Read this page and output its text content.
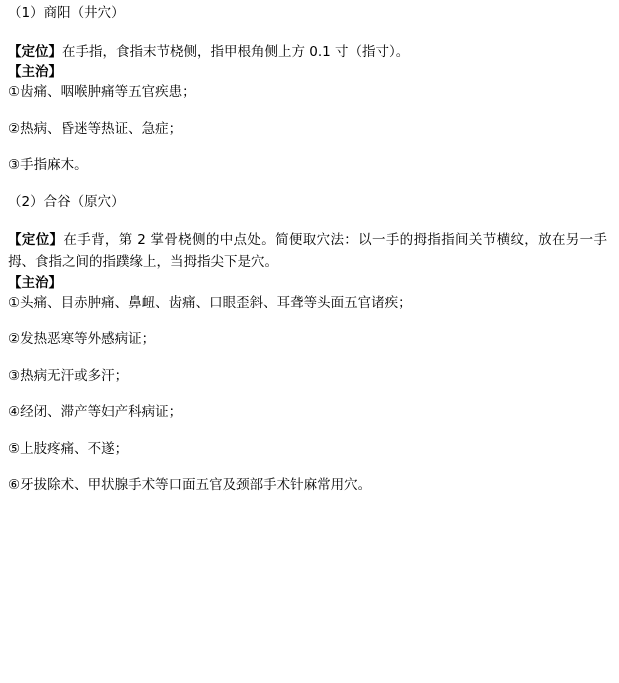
（1）商阳（井穴）
【定位】在手指，食指末节桡侧，指甲根角侧上方 0.1 寸（指寸）。
【主治】
①齿痛、咽喉肿痛等五官疾患；
②热病、昏迷等热证、急症；
③手指麻木。
（2）合谷（原穴）
【定位】在手背，第 2 掌骨桡侧的中点处。简便取穴法：以一手的拇指指间关节横纹，放在另一手拇、食指之间的指蹼缘上，当拇指尖下是穴。
【主治】
①头痛、目赤肿痛、鼻衄、齿痛、口眼歪斜、耳聋等头面五官诸疾；
②发热恶寒等外感病证；
③热病无汗或多汗；
④经闭、滞产等妇产科病证；
⑤上肢疼痛、不遂；
⑥牙拔除术、甲状腺手术等口面五官及颈部手术针麻常用穴。
